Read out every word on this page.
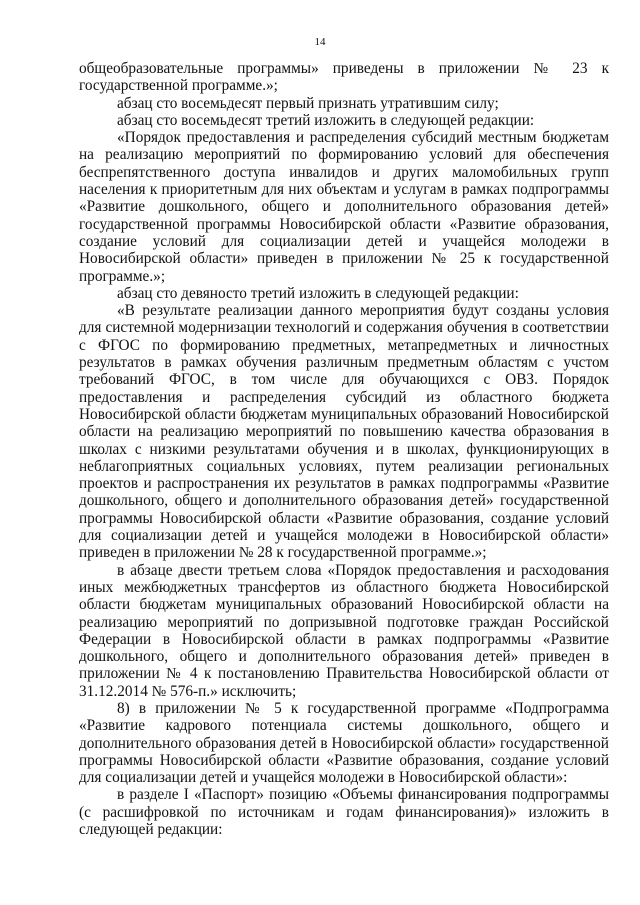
14

общеобразовательные программы» приведены в приложении № 23 к государственной программе.»;

абзац сто восемьдесят первый признать утратившим силу;

абзац сто восемьдесят третий изложить в следующей редакции:

«Порядок предоставления и распределения субсидий местным бюджетам на реализацию мероприятий по формированию условий для обеспечения беспрепятственного доступа инвалидов и других маломобильных групп населения к приоритетным для них объектам и услугам в рамках подпрограммы «Развитие дошкольного, общего и дополнительного образования детей» государственной программы Новосибирской области «Развитие образования, создание условий для социализации детей и учащейся молодежи в Новосибирской области» приведен в приложении № 25 к государственной программе.»;

абзац сто девяносто третий изложить в следующей редакции:

«В результате реализации данного мероприятия будут созданы условия для системной модернизации технологий и содержания обучения в соответствии с ФГОС по формированию предметных, метапредметных и личностных результатов в рамках обучения различным предметным областям с учстом требований ФГОС, в том числе для обучающихся с ОВЗ. Порядок предоставления и распределения субсидий из областного бюджета Новосибирской области бюджетам муниципальных образований Новосибирской области на реализацию мероприятий по повышению качества образования в школах с низкими результатами обучения и в школах, функционирующих в неблагоприятных социальных условиях, путем реализации региональных проектов и распространения их результатов в рамках подпрограммы «Развитие дошкольного, общего и дополнительного образования детей» государственной программы Новосибирской области «Развитие образования, создание условий для социализации детей и учащейся молодежи в Новосибирской области» приведен в приложении № 28 к государственной программе.»;

в абзаце двести третьем слова «Порядок предоставления и расходования иных межбюджетных трансфертов из областного бюджета Новосибирской области бюджетам муниципальных образований Новосибирской области на реализацию мероприятий по допризывной подготовке граждан Российской Федерации в Новосибирской области в рамках подпрограммы «Развитие дошкольного, общего и дополнительного образования детей» приведен в приложении № 4 к постановлению Правительства Новосибирской области от 31.12.2014 № 576-п.» исключить;

8) в приложении № 5 к государственной программе «Подпрограмма «Развитие кадрового потенциала системы дошкольного, общего и дополнительного образования детей в Новосибирской области» государственной программы Новосибирской области «Развитие образования, создание условий для социализации детей и учащейся молодежи в Новосибирской области»:

в разделе I «Паспорт» позицию «Объемы финансирования подпрограммы (с расшифровкой по источникам и годам финансирования)» изложить в следующей редакции:
